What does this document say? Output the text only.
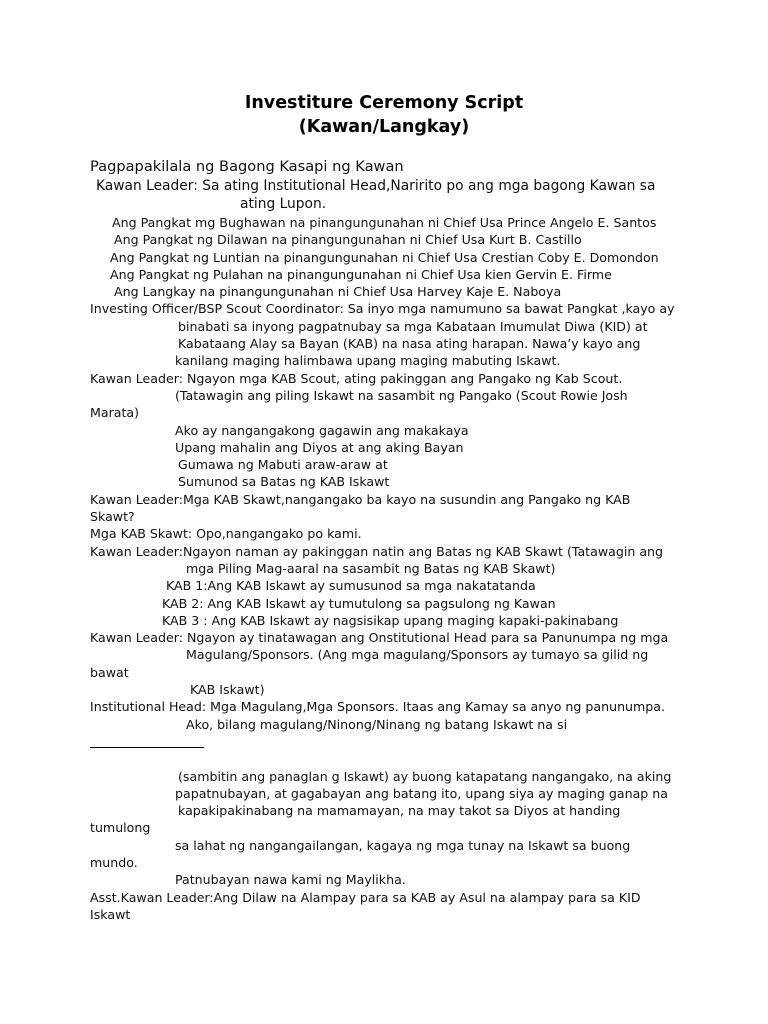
Investiture Ceremony Script
(Kawan/Langkay)
Pagpapakilala ng Bagong Kasapi ng Kawan
Kawan Leader: Sa ating Institutional Head,Naririto po ang mga bagong Kawan sa
ating Lupon.
Ang Pangkat mg Bughawan na pinangungunahan ni Chief Usa Prince Angelo E. Santos
Ang Pangkat ng Dilawan na pinangungunahan ni Chief Usa Kurt B. Castillo
Ang Pangkat ng Luntian na pinangungunahan ni Chief Usa Crestian Coby E. Domondon
Ang Pangkat ng Pulahan na pinangungunahan ni Chief Usa kien Gervin E. Firme
Ang Langkay na pinangungunahan ni Chief Usa Harvey Kaje E. Naboya
Investing Officer/BSP Scout Coordinator: Sa inyo mga namumuno sa bawat Pangkat ,kayo ay
binabati sa inyong pagpatnubay sa mga Kabataan Imumulat Diwa (KID) at
Kabataang Alay sa Bayan (KAB) na nasa ating harapan. Nawa’y kayo ang
kanilang maging halimbawa upang maging mabuting Iskawt.
Kawan Leader: Ngayon mga KAB Scout, ating pakinggan ang Pangako ng Kab Scout.
(Tatawagin ang piling Iskawt na sasambit ng Pangako (Scout Rowie Josh
Marata)
Ako ay nangangakong gagawin ang makakaya
Upang mahalin ang Diyos at ang aking Bayan
Gumawa ng Mabuti araw-araw at
Sumunod sa Batas ng KAB Iskawt
Kawan Leader:Mga KAB Skawt,nangangako ba kayo na susundin ang Pangako ng KAB
Skawt?
Mga KAB Skawt: Opo,nangangako po kami.
Kawan Leader:Ngayon naman ay pakinggan natin ang Batas ng KAB Skawt (Tatawagin ang
mga Piling Mag-aaral na sasambit ng Batas ng KAB Skawt)
KAB 1:Ang KAB Iskawt ay sumusunod sa mga nakatatanda
KAB 2: Ang KAB Iskawt ay tumutulong sa pagsulong ng Kawan
KAB 3 : Ang KAB Iskawt ay nagsisikap upang maging kapaki-pakinabang
Kawan Leader: Ngayon ay tinatawagan ang Onstitutional Head para sa Panunumpa ng mga
Magulang/Sponsors. (Ang mga magulang/Sponsors ay tumayo sa gilid ng
bawat
KAB Iskawt)
Institutional Head: Mga Magulang,Mga Sponsors. Itaas ang Kamay sa anyo ng panunumpa.
Ako, bilang magulang/Ninong/Ninang ng batang Iskawt na si
(sambitin ang panaglan g Iskawt) ay buong katapatang nangangako, na aking
papatnubayan, at gagabayan ang batang ito, upang siya ay maging ganap na
kapakipakinabang na mamamayan, na may takot sa Diyos at handing
tumulong
sa lahat ng nangangailangan, kagaya ng mga tunay na Iskawt sa buong
mundo.
Patnubayan nawa kami ng Maylikha.
Asst.Kawan Leader:Ang Dilaw na Alampay para sa KAB ay Asul na alampay para sa KID
Iskawt
